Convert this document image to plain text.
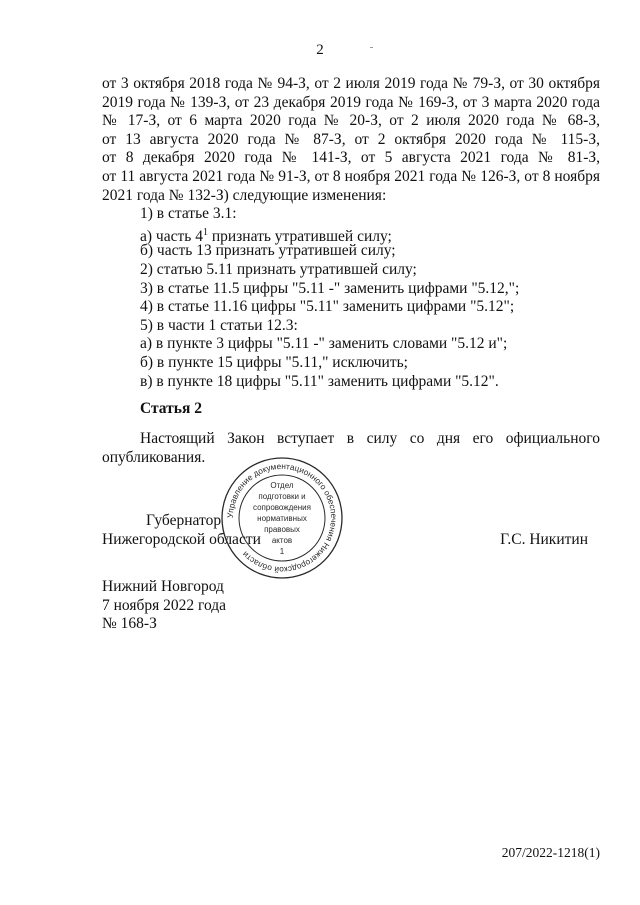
2
от 3 октября 2018 года № 94-З, от 2 июля 2019 года № 79-З, от 30 октября
2019 года № 139-З, от 23 декабря 2019 года № 169-З, от 3 марта 2020 года
№ 17-З, от 6 марта 2020 года № 20-З, от 2 июля 2020 года № 68-З,
от 13 августа 2020 года № 87-З, от 2 октября 2020 года № 115-З,
от 8 декабря 2020 года № 141-З, от 5 августа 2021 года № 81-З,
от 11 августа 2021 года № 91-З, от 8 ноября 2021 года № 126-З, от 8 ноября
2021 года № 132-З) следующие изменения:
1) в статье 3.1:
а) часть $4^1$ признать утратившей силу;
б) часть 13 признать утратившей силу;
2) статью 5.11 признать утратившей силу;
3) в статье 11.5 цифры "5.11 -" заменить цифрами "5.12,";
4) в статье 11.16 цифры "5.11" заменить цифрами "5.12";
5) в части 1 статьи 12.3:
а) в пункте 3 цифры "5.11 -" заменить словами "5.12 и";
б) в пункте 15 цифры "5.11," исключить;
в) в пункте 18 цифры "5.11" заменить цифрами "5.12".
Статья 2
Настоящий Закон вступает в силу со дня его официального
опубликования.
Губернатор
Нижегородской области	Г.С. Никитин
Управление документационного обеспечения Нижегородской области
Отдел
подготовки и
сопровождения
нормативных
правовых
актов
1
Нижний Новгород
7 ноября 2022 года
№ 168-З
207/2022-1218(1)
